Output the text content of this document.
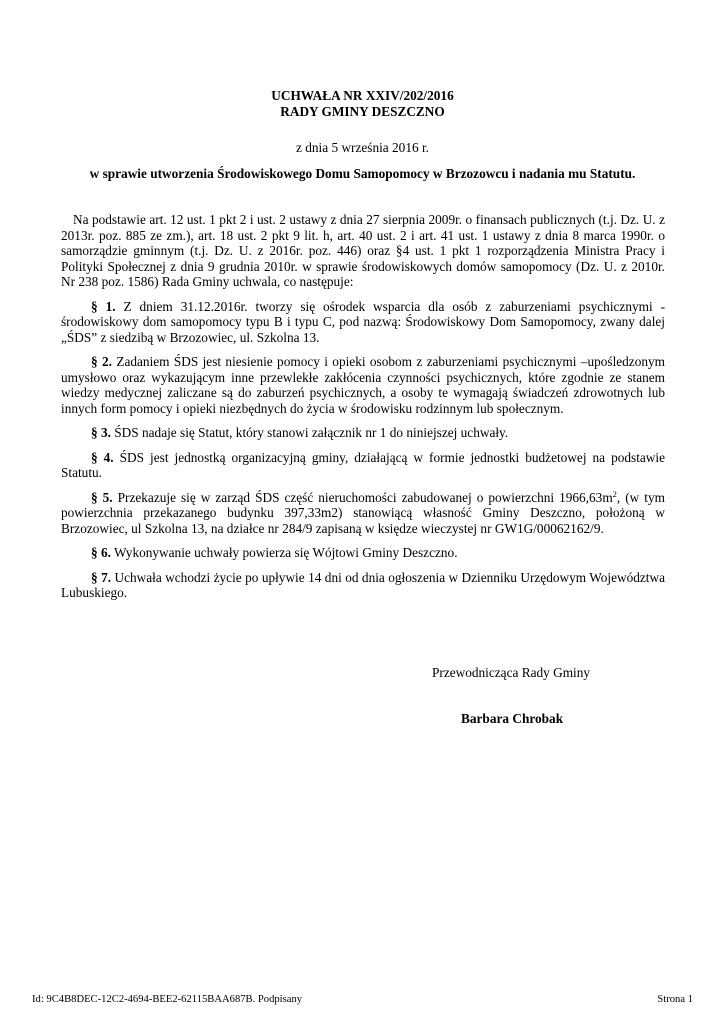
UCHWAŁA NR XXIV/202/2016
RADY GMINY DESZCZNO
z dnia 5 września 2016 r.
w sprawie utworzenia Środowiskowego Domu Samopomocy w Brzozowcu i nadania mu Statutu.

Na podstawie art. 12 ust. 1 pkt 2 i ust. 2 ustawy z dnia 27 sierpnia 2009r. o finansach publicznych (t.j. Dz. U. z 2013r. poz. 885 ze zm.), art. 18 ust. 2 pkt 9 lit. h, art. 40 ust. 2 i art. 41 ust. 1 ustawy z dnia 8 marca 1990r. o samorządzie gminnym (t.j. Dz. U. z 2016r. poz. 446) oraz §4 ust. 1 pkt 1 rozporządzenia Ministra Pracy i Polityki Społecznej z dnia 9 grudnia 2010r. w sprawie środowiskowych domów samopomocy (Dz. U. z 2010r. Nr 238 poz. 1586) Rada Gminy uchwala, co następuje:

§ 1. Z dniem 31.12.2016r. tworzy się ośrodek wsparcia dla osób z zaburzeniami psychicznymi - środowiskowy dom samopomocy typu B i typu C, pod nazwą: Środowiskowy Dom Samopomocy, zwany dalej „ŚDS” z siedzibą w Brzozowiec, ul. Szkolna 13.

§ 2. Zadaniem ŚDS jest niesienie pomocy i opieki osobom z zaburzeniami psychicznymi –upośledzonym umysłowo oraz wykazującym inne przewlekłe zakłócenia czynności psychicznych, które zgodnie ze stanem wiedzy medycznej zaliczane są do zaburzeń psychicznych, a osoby te wymagają świadczeń zdrowotnych lub innych form pomocy i opieki niezbędnych do życia w środowisku rodzinnym lub społecznym.

§ 3. ŚDS nadaje się Statut, który stanowi załącznik nr 1 do niniejszej uchwały.

§ 4. ŚDS jest jednostką organizacyjną gminy, działającą w formie jednostki budżetowej na podstawie Statutu.

§ 5. Przekazuje się w zarząd ŚDS część nieruchomości zabudowanej o powierzchni $1966,63m^2$, (w tym powierzchnia przekazanego budynku 397,33m2) stanowiącą własność Gminy Deszczno, położoną w Brzozowiec, ul Szkolna 13, na działce nr 284/9 zapisaną w księdze wieczystej nr GW1G/00062162/9.

§ 6. Wykonywanie uchwały powierza się Wójtowi Gminy Deszczno.

§ 7. Uchwała wchodzi życie po upływie 14 dni od dnia ogłoszenia w Dzienniku Urzędowym Województwa Lubuskiego.

Przewodnicząca Rady Gminy
Barbara Chrobak
Id: 9C4B8DEC-12C2-4694-BEE2-62115BAA687B. Podpisany	Strona 1
